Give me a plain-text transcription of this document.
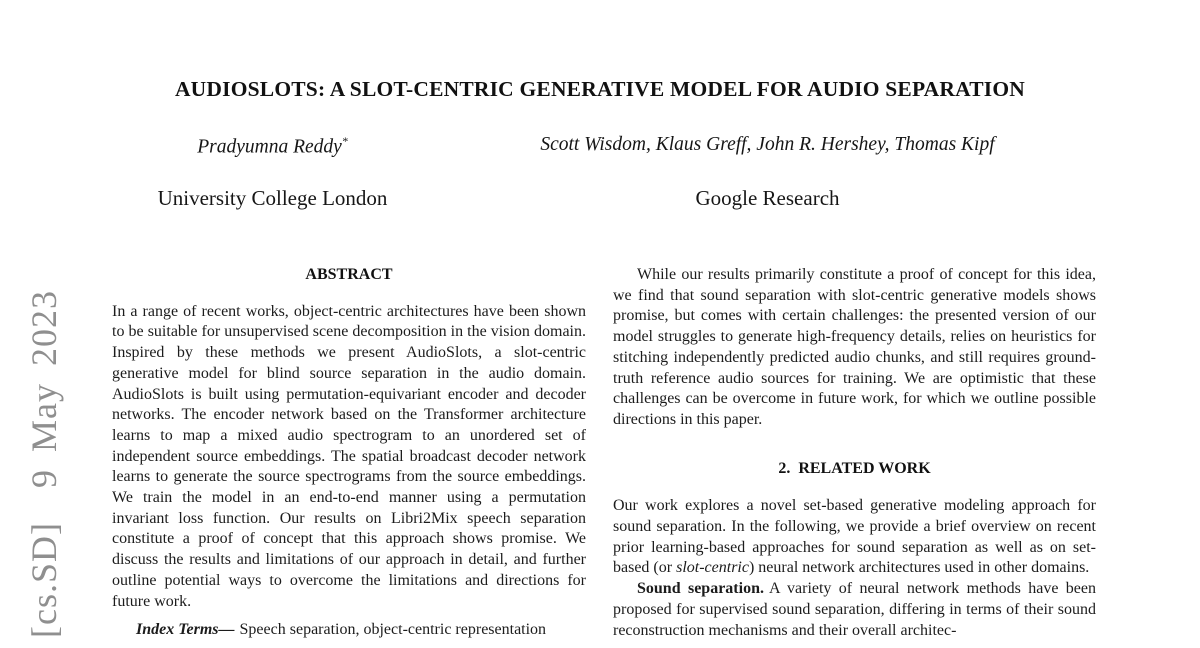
[cs.SD]  9 May 2023
AUDIOSLOTS: A SLOT-CENTRIC GENERATIVE MODEL FOR AUDIO SEPARATION
Pradyumna Reddy*	Scott Wisdom, Klaus Greff, John R. Hershey, Thomas Kipf
University College London	Google Research
ABSTRACT

In a range of recent works, object-centric architectures have been shown to be suitable for unsupervised scene decomposition in the vision domain. Inspired by these methods we present AudioSlots, a slot-centric generative model for blind source separation in the audio domain. AudioSlots is built using permutation-equivariant encoder and decoder networks. The encoder network based on the Transformer architecture learns to map a mixed audio spectrogram to an unordered set of independent source embeddings. The spatial broadcast decoder network learns to generate the source spectrograms from the source embeddings. We train the model in an end-to-end manner using a permutation invariant loss function. Our results on Libri2Mix speech separation constitute a proof of concept that this approach shows promise. We discuss the results and limitations of our approach in detail, and further outline potential ways to overcome the limitations and directions for future work.

Index Terms— Speech separation, object-centric representation

While our results primarily constitute a proof of concept for this idea, we find that sound separation with slot-centric generative models shows promise, but comes with certain challenges: the presented version of our model struggles to generate high-frequency details, relies on heuristics for stitching independently predicted audio chunks, and still requires ground-truth reference audio sources for training. We are optimistic that these challenges can be overcome in future work, for which we outline possible directions in this paper.

2.  RELATED WORK

Our work explores a novel set-based generative modeling approach for sound separation. In the following, we provide a brief overview on recent prior learning-based approaches for sound separation as well as on set-based (or slot-centric) neural network architectures used in other domains.

Sound separation. A variety of neural network methods have been proposed for supervised sound separation, differing in terms of their sound reconstruction mechanisms and their overall architec-
